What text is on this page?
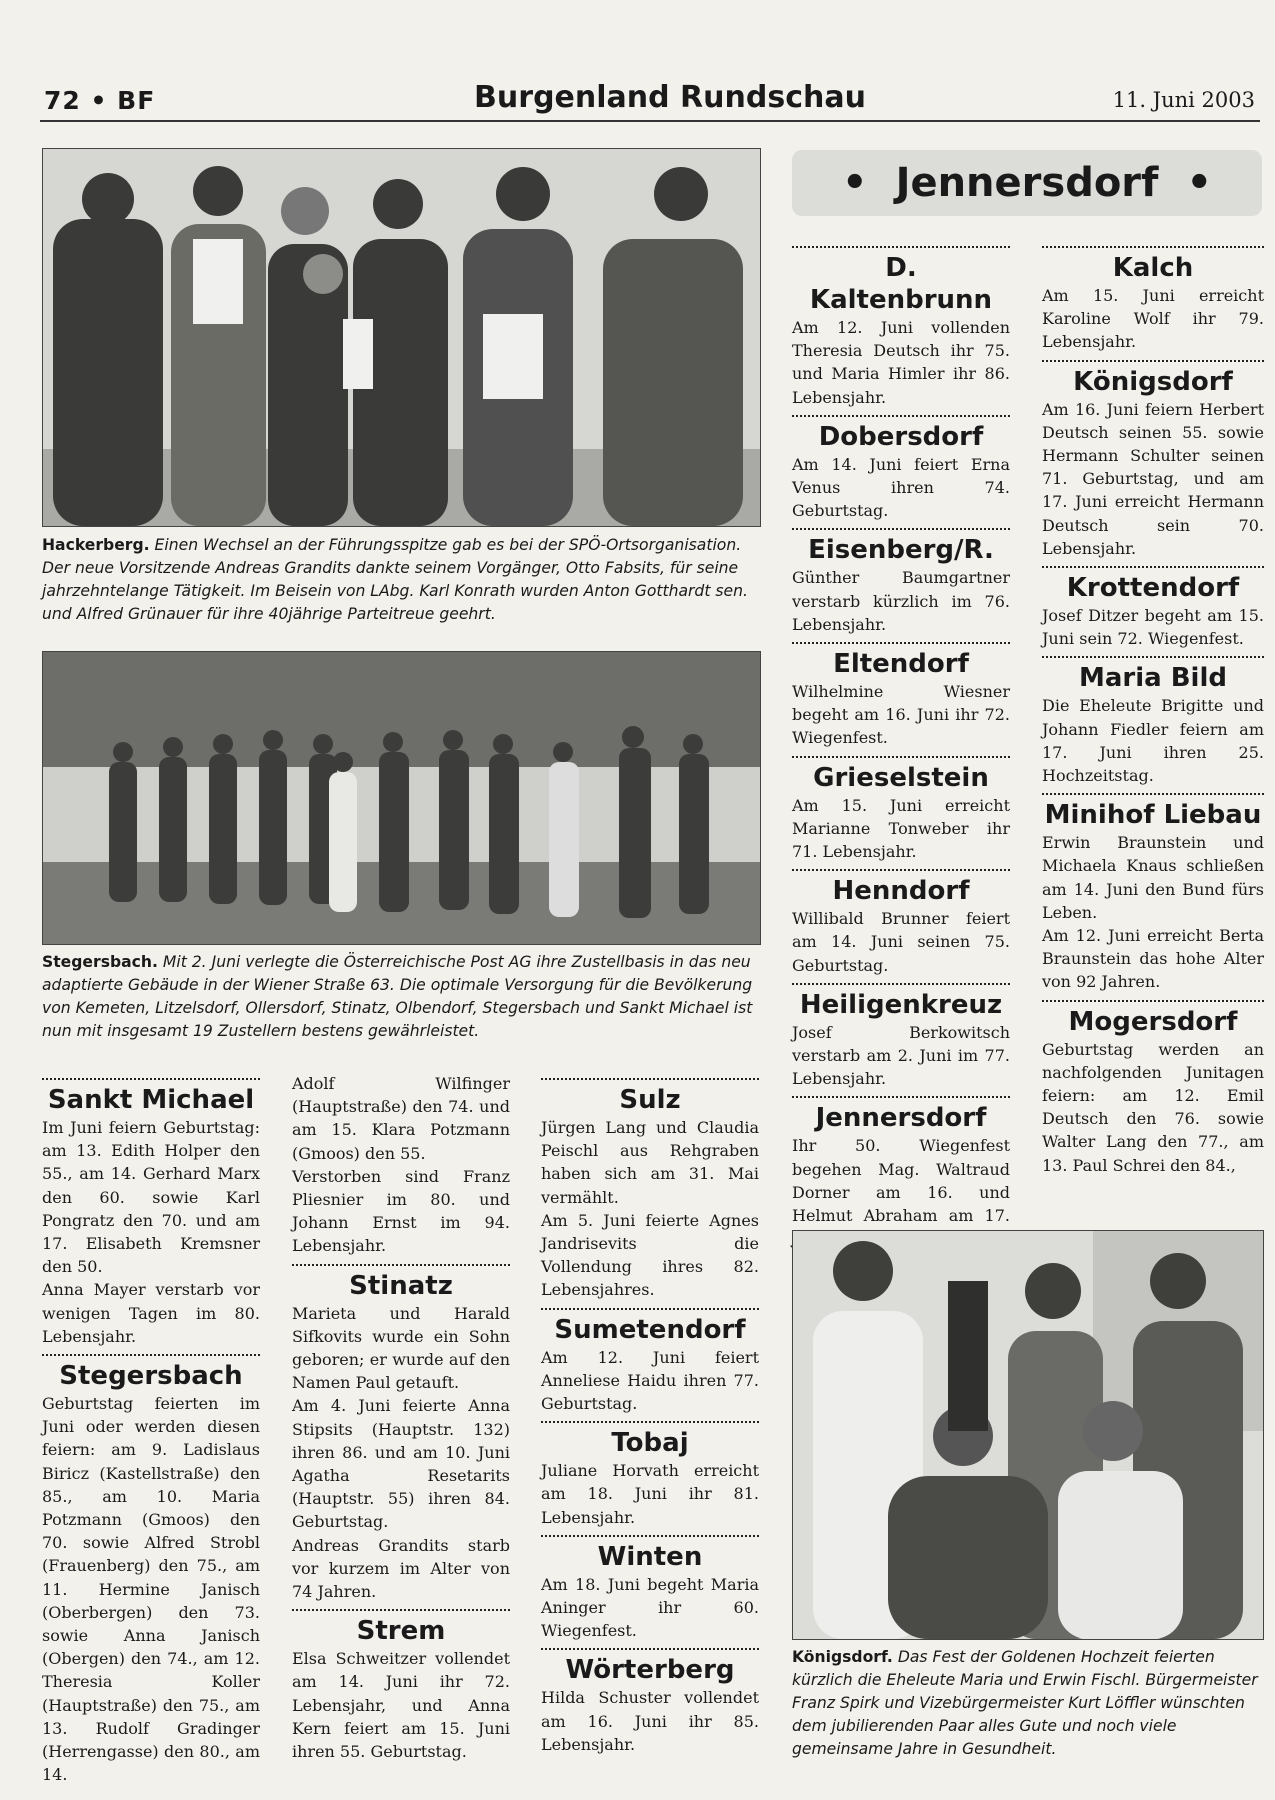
72 • BF	Burgenland Rundschau	11. Juni 2003
Hackerberg. Einen Wechsel an der Führungsspitze gab es bei der SPÖ-Ortsorganisation. Der neue Vorsitzende Andreas Grandits dankte seinem Vorgänger, Otto Fabsits, für seine jahrzehntelange Tätigkeit. Im Beisein von LAbg. Karl Konrath wurden Anton Gotthardt sen. und Alfred Grünauer für ihre 40jährige Parteitreue geehrt.
Stegersbach. Mit 2. Juni verlegte die Österreichische Post AG ihre Zustellbasis in das neu adaptierte Gebäude in der Wiener Straße 63. Die optimale Versorgung für die Bevölkerung von Kemeten, Litzelsdorf, Ollersdorf, Stinatz, Olbendorf, Stegersbach und Sankt Michael ist nun mit insgesamt 19 Zustellern bestens gewährleistet.
• Jennersdorf •
Sankt Michael

Im Juni feiern Geburtstag: am 13. Edith Holper den 55., am 14. Gerhard Marx den 60. sowie Karl Pongratz den 70. und am 17. Elisabeth Kremsner den 50.
Anna Mayer verstarb vor wenigen Tagen im 80. Lebensjahr.

Stegersbach

Geburtstag feierten im Juni oder werden diesen feiern: am 9. Ladislaus Biricz (Kastellstraße) den 85., am 10. Maria Potzmann (Gmoos) den 70. sowie Alfred Strobl (Frauenberg) den 75., am 11. Hermine Janisch (Oberbergen) den 73. sowie Anna Janisch (Obergen) den 74., am 12. Theresia Koller (Hauptstraße) den 75., am 13. Rudolf Gradinger (Herrengasse) den 80., am 14.

Adolf Wilfinger (Hauptstraße) den 74. und am 15. Klara Potzmann (Gmoos) den 55.
Verstorben sind Franz Pliesnier im 80. und Johann Ernst im 94. Lebensjahr.

Stinatz

Marieta und Harald Sifkovits wurde ein Sohn geboren; er wurde auf den Namen Paul getauft.
Am 4. Juni feierte Anna Stipsits (Hauptstr. 132) ihren 86. und am 10. Juni Agatha Resetarits (Hauptstr. 55) ihren 84. Geburtstag.
Andreas Grandits starb vor kurzem im Alter von 74 Jahren.

Strem

Elsa Schweitzer vollendet am 14. Juni ihr 72. Lebensjahr, und Anna Kern feiert am 15. Juni ihren 55. Geburtstag.

Sulz

Jürgen Lang und Claudia Peischl aus Rehgraben haben sich am 31. Mai vermählt.
Am 5. Juni feierte Agnes Jandrisevits die Vollendung ihres 82. Lebensjahres.

Sumetendorf

Am 12. Juni feiert Anneliese Haidu ihren 77. Geburtstag.

Tobaj

Juliane Horvath erreicht am 18. Juni ihr 81. Lebensjahr.

Winten

Am 18. Juni begeht Maria Aninger ihr 60. Wiegenfest.

Wörterberg

Hilda Schuster vollendet am 16. Juni ihr 85. Lebensjahr.

D. Kaltenbrunn

Am 12. Juni vollenden Theresia Deutsch ihr 75. und Maria Himler ihr 86. Lebensjahr.

Dobersdorf

Am 14. Juni feiert Erna Venus ihren 74. Geburtstag.

Eisenberg/R.

Günther Baumgartner verstarb kürzlich im 76. Lebensjahr.

Eltendorf

Wilhelmine Wiesner begeht am 16. Juni ihr 72. Wiegenfest.

Grieselstein

Am 15. Juni erreicht Marianne Tonweber ihr 71. Lebensjahr.

Henndorf

Willibald Brunner feiert am 14. Juni seinen 75. Geburtstag.

Heiligenkreuz

Josef Berkowitsch verstarb am 2. Juni im 77. Lebensjahr.

Jennersdorf

Ihr 50. Wiegenfest begehen Mag. Waltraud Dorner am 16. und Helmut Abraham am 17.

Kalch

Am 15. Juni erreicht Karoline Wolf ihr 79. Lebensjahr.

Königsdorf

Am 16. Juni feiern Herbert Deutsch seinen 55. sowie Hermann Schulter seinen 71. Geburtstag, und am 17. Juni erreicht Hermann Deutsch sein 70. Lebensjahr.

Krottendorf

Josef Ditzer begeht am 15. Juni sein 72. Wiegenfest.

Maria Bild

Die Eheleute Brigitte und Johann Fiedler feiern am 17. Juni ihren 25. Hochzeitstag.

Minihof Liebau

Erwin Braunstein und Michaela Knaus schließen am 14. Juni den Bund fürs Leben.
Am 12. Juni erreicht Berta Braunstein das hohe Alter von 92 Jahren.

Mogersdorf

Geburtstag werden an nachfolgenden Junitagen feiern: am 12. Emil Deutsch den 76. sowie Walter Lang den 77., am 13. Paul Schrei den 84.,

Königsdorf. Das Fest der Goldenen Hochzeit feierten kürzlich die Eheleute Maria und Erwin Fischl. Bürgermeister Franz Spirk und Vizebürgermeister Kurt Löffler wünschten dem jubilierenden Paar alles Gute und noch viele gemeinsame Jahre in Gesundheit.
